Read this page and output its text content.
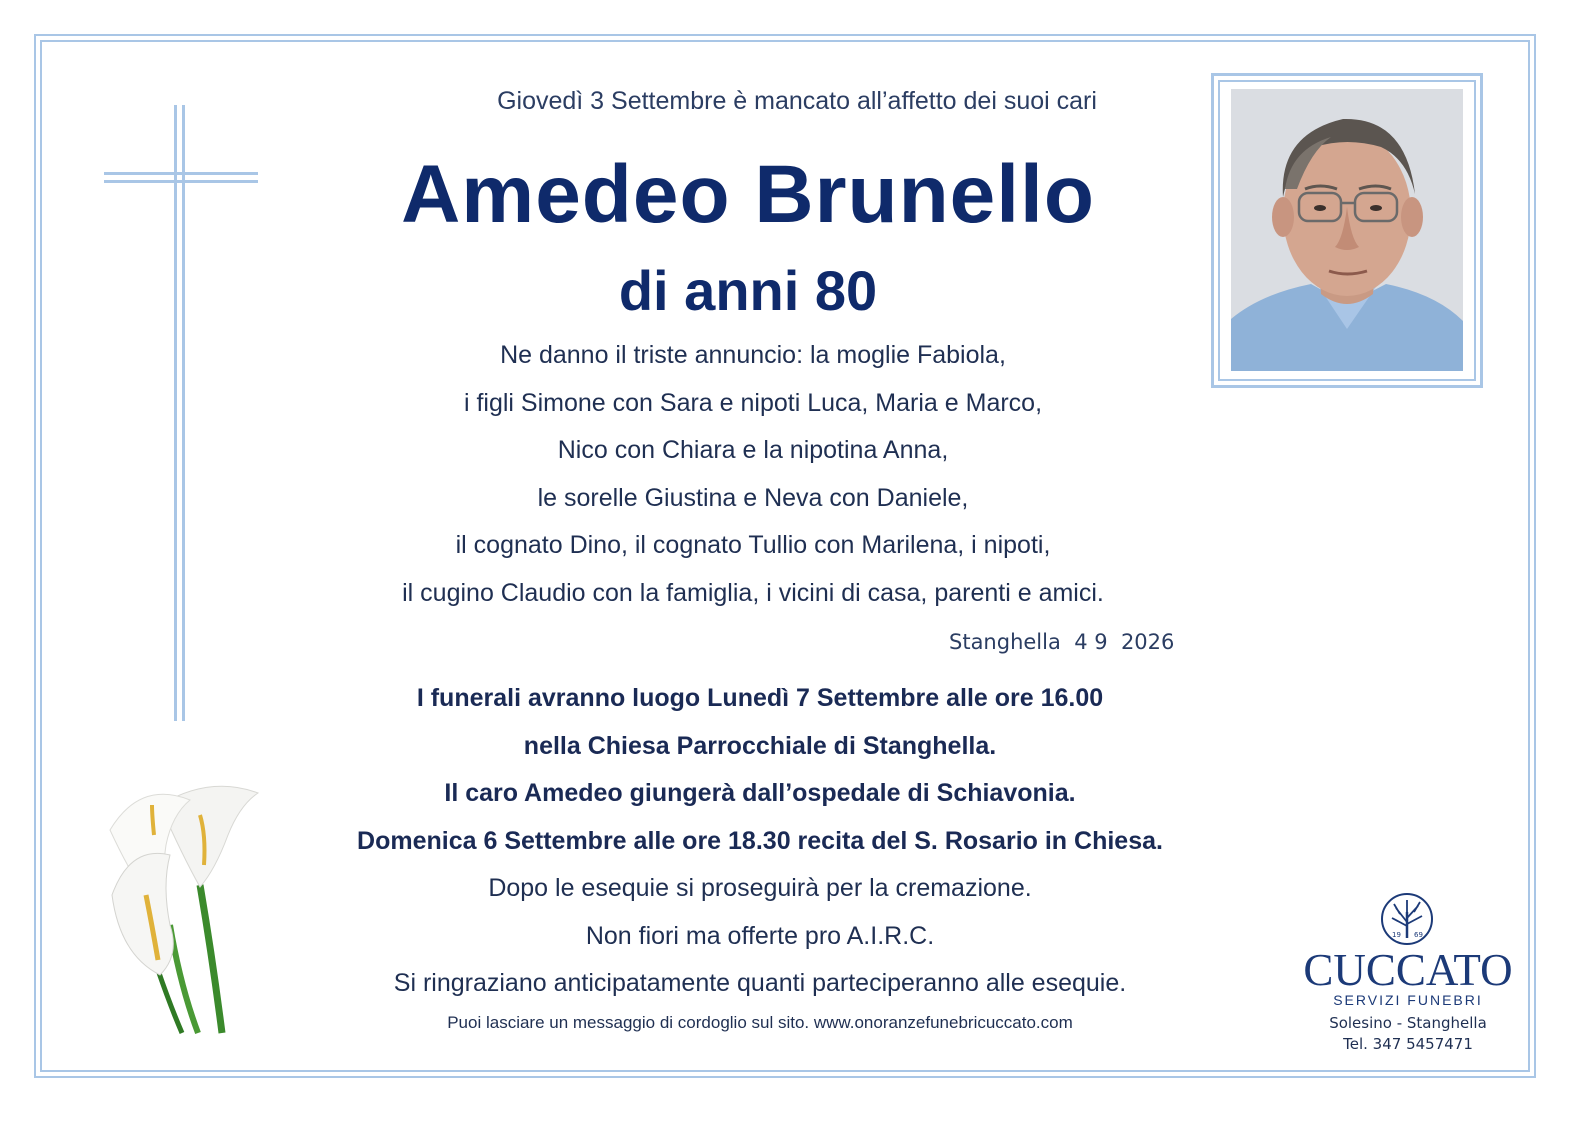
Giovedì 3 Settembre è mancato all’affetto dei suoi cari
Amedeo Brunello
di anni 80
Ne danno il triste annuncio: la moglie Fabiola,
i figli Simone con Sara e nipoti Luca, Maria e Marco,
Nico con Chiara e la nipotina Anna,
le sorelle Giustina e Neva con Daniele,
il cognato Dino, il cognato Tullio con Marilena, i nipoti,
il cugino Claudio con la famiglia, i vicini di casa, parenti e amici.
Stanghella  4 9  2026
I funerali avranno luogo Lunedì 7 Settembre alle ore 16.00
nella Chiesa Parrocchiale di Stanghella.
Il caro Amedeo giungerà dall’ospedale di Schiavonia.
Domenica 6 Settembre alle ore 18.30 recita del S. Rosario in Chiesa.
Dopo le esequie si proseguirà per la cremazione.
Non fiori ma offerte pro A.I.R.C.
Si ringraziano anticipatamente quanti parteciperanno alle esequie.
Puoi lasciare un messaggio di cordoglio sul sito. www.onoranzefunebricuccato.com
19 69
CUCCATO
SERVIZI FUNEBRI
Solesino - Stanghella
Tel. 347 5457471
